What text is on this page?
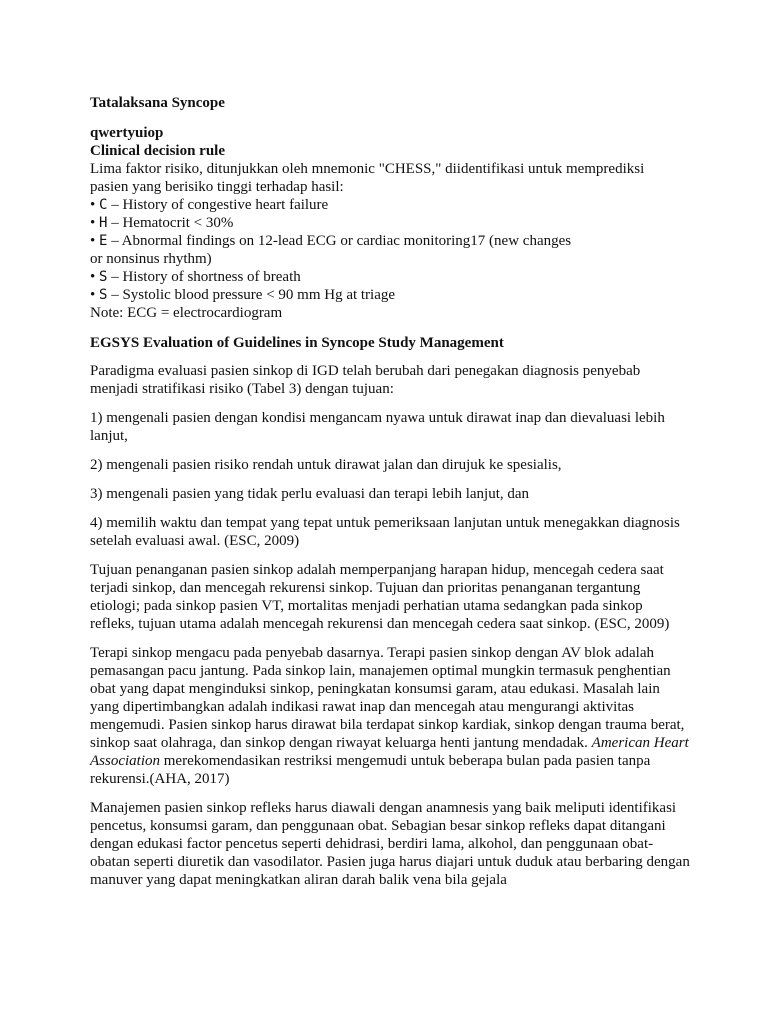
Tatalaksana Syncope

qwertyuiop

Clinical decision rule

Lima faktor risiko, ditunjukkan oleh mnemonic "CHESS," diidentifikasi untuk memprediksi

pasien yang berisiko tinggi terhadap hasil:

• C – History of congestive heart failure

• H – Hematocrit < 30%

• E – Abnormal findings on 12-lead ECG or cardiac monitoring17 (new changes

or nonsinus rhythm)

• S – History of shortness of breath

• S – Systolic blood pressure < 90 mm Hg at triage

Note: ECG = electrocardiogram

EGSYS Evaluation of Guidelines in Syncope Study Management

Paradigma evaluasi pasien sinkop di IGD telah berubah dari penegakan diagnosis penyebab menjadi stratifikasi risiko (Tabel 3) dengan tujuan:

1) mengenali pasien dengan kondisi mengancam nyawa untuk dirawat inap dan dievaluasi lebih lanjut,

2) mengenali pasien risiko rendah untuk dirawat jalan dan dirujuk ke spesialis,

3) mengenali pasien yang tidak perlu evaluasi dan terapi lebih lanjut, dan

4) memilih waktu dan tempat yang tepat untuk pemeriksaan lanjutan untuk menegakkan diagnosis setelah evaluasi awal. (ESC, 2009)

Tujuan penanganan pasien sinkop adalah memperpanjang harapan hidup, mencegah cedera saat terjadi sinkop, dan mencegah rekurensi sinkop. Tujuan dan prioritas penanganan tergantung etiologi; pada sinkop pasien VT, mortalitas menjadi perhatian utama sedangkan pada sinkop refleks, tujuan utama adalah mencegah rekurensi dan mencegah cedera saat sinkop. (ESC, 2009)

Terapi sinkop mengacu pada penyebab dasarnya. Terapi pasien sinkop dengan AV blok adalah pemasangan pacu jantung. Pada sinkop lain, manajemen optimal mungkin termasuk penghentian obat yang dapat menginduksi sinkop, peningkatan konsumsi garam, atau edukasi. Masalah lain yang dipertimbangkan adalah indikasi rawat inap dan mencegah atau mengurangi aktivitas mengemudi. Pasien sinkop harus dirawat bila terdapat sinkop kardiak, sinkop dengan trauma berat, sinkop saat olahraga, dan sinkop dengan riwayat keluarga henti jantung mendadak. American Heart Association merekomendasikan restriksi mengemudi untuk beberapa bulan pada pasien tanpa rekurensi.(AHA, 2017)

Manajemen pasien sinkop refleks harus diawali dengan anamnesis yang baik meliputi identifikasi pencetus, konsumsi garam, dan penggunaan obat. Sebagian besar sinkop refleks dapat ditangani dengan edukasi factor pencetus seperti dehidrasi, berdiri lama, alkohol, dan penggunaan obat-obatan seperti diuretik dan vasodilator. Pasien juga harus diajari untuk duduk atau berbaring dengan manuver yang dapat meningkatkan aliran darah balik vena bila gejala
